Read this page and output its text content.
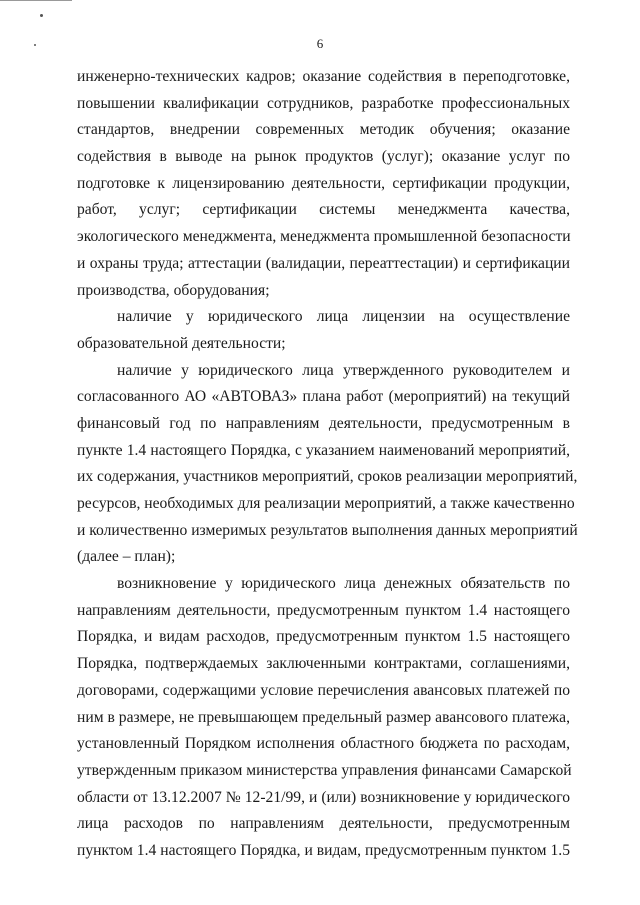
6
инженерно-технических кадров; оказание содействия в переподготовке,
повышении квалификации сотрудников, разработке профессиональных
стандартов, внедрении современных методик обучения; оказание
содействия в выводе на рынок продуктов (услуг); оказание услуг по
подготовке к лицензированию деятельности, сертификации продукции,
работ, услуг; сертификации системы менеджмента качества,
экологического менеджмента, менеджмента промышленной безопасности
и охраны труда; аттестации (валидации, переаттестации) и сертификации
производства, оборудования;
наличие у юридического лица лицензии на осуществление
образовательной деятельности;
наличие у юридического лица утвержденного руководителем и
согласованного АО «АВТОВАЗ» плана работ (мероприятий) на текущий
финансовый год по направлениям деятельности, предусмотренным в
пункте 1.4 настоящего Порядка, с указанием наименований мероприятий,
их содержания, участников мероприятий, сроков реализации мероприятий,
ресурсов, необходимых для реализации мероприятий, а также качественно
и количественно измеримых результатов выполнения данных мероприятий
(далее – план);
возникновение у юридического лица денежных обязательств по
направлениям деятельности, предусмотренным пунктом 1.4 настоящего
Порядка, и видам расходов, предусмотренным пунктом 1.5 настоящего
Порядка, подтверждаемых заключенными контрактами, соглашениями,
договорами, содержащими условие перечисления авансовых платежей по
ним в размере, не превышающем предельный размер авансового платежа,
установленный Порядком исполнения областного бюджета по расходам,
утвержденным приказом министерства управления финансами Самарской
области от 13.12.2007 № 12-21/99, и (или) возникновение у юридического
лица расходов по направлениям деятельности, предусмотренным
пунктом 1.4 настоящего Порядка, и видам, предусмотренным пунктом 1.5
